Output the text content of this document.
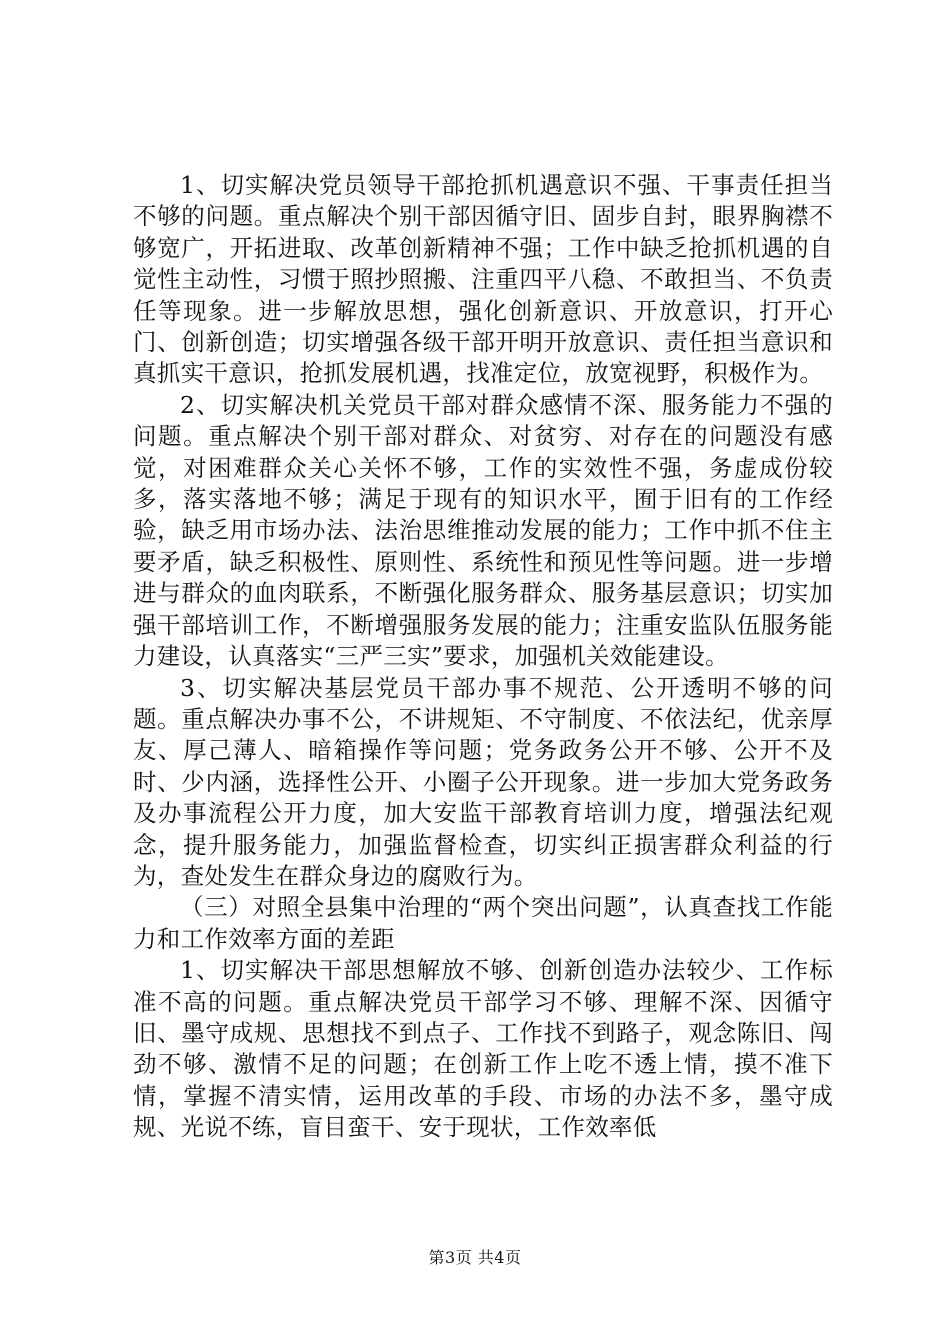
1、切实解决党员领导干部抢抓机遇意识不强、干事责任担当不够的问题。重点解决个别干部因循守旧、固步自封，眼界胸襟不够宽广，开拓进取、改革创新精神不强；工作中缺乏抢抓机遇的自觉性主动性，习惯于照抄照搬、注重四平八稳、不敢担当、不负责任等现象。进一步解放思想，强化创新意识、开放意识，打开心门、创新创造；切实增强各级干部开明开放意识、责任担当意识和真抓实干意识，抢抓发展机遇，找准定位，放宽视野，积极作为。

2、切实解决机关党员干部对群众感情不深、服务能力不强的问题。重点解决个别干部对群众、对贫穷、对存在的问题没有感觉，对困难群众关心关怀不够，工作的实效性不强，务虚成份较多，落实落地不够；满足于现有的知识水平，囿于旧有的工作经验，缺乏用市场办法、法治思维推动发展的能力；工作中抓不住主要矛盾，缺乏积极性、原则性、系统性和预见性等问题。进一步增进与群众的血肉联系，不断强化服务群众、服务基层意识；切实加强干部培训工作，不断增强服务发展的能力；注重安监队伍服务能力建设，认真落实“三严三实”要求，加强机关效能建设。

3、切实解决基层党员干部办事不规范、公开透明不够的问题。重点解决办事不公，不讲规矩、不守制度、不依法纪，优亲厚友、厚己薄人、暗箱操作等问题；党务政务公开不够、公开不及时、少内涵，选择性公开、小圈子公开现象。进一步加大党务政务及办事流程公开力度，加大安监干部教育培训力度，增强法纪观念，提升服务能力，加强监督检查，切实纠正损害群众利益的行为，查处发生在群众身边的腐败行为。

（三）对照全县集中治理的“两个突出问题”，认真查找工作能力和工作效率方面的差距

1、切实解决干部思想解放不够、创新创造办法较少、工作标准不高的问题。重点解决党员干部学习不够、理解不深、因循守旧、墨守成规、思想找不到点子、工作找不到路子，观念陈旧、闯劲不够、激情不足的问题；在创新工作上吃不透上情，摸不准下情，掌握不清实情，运用改革的手段、市场的办法不多，墨守成规、光说不练，盲目蛮干、安于现状，工作效率低

第3页 共4页
